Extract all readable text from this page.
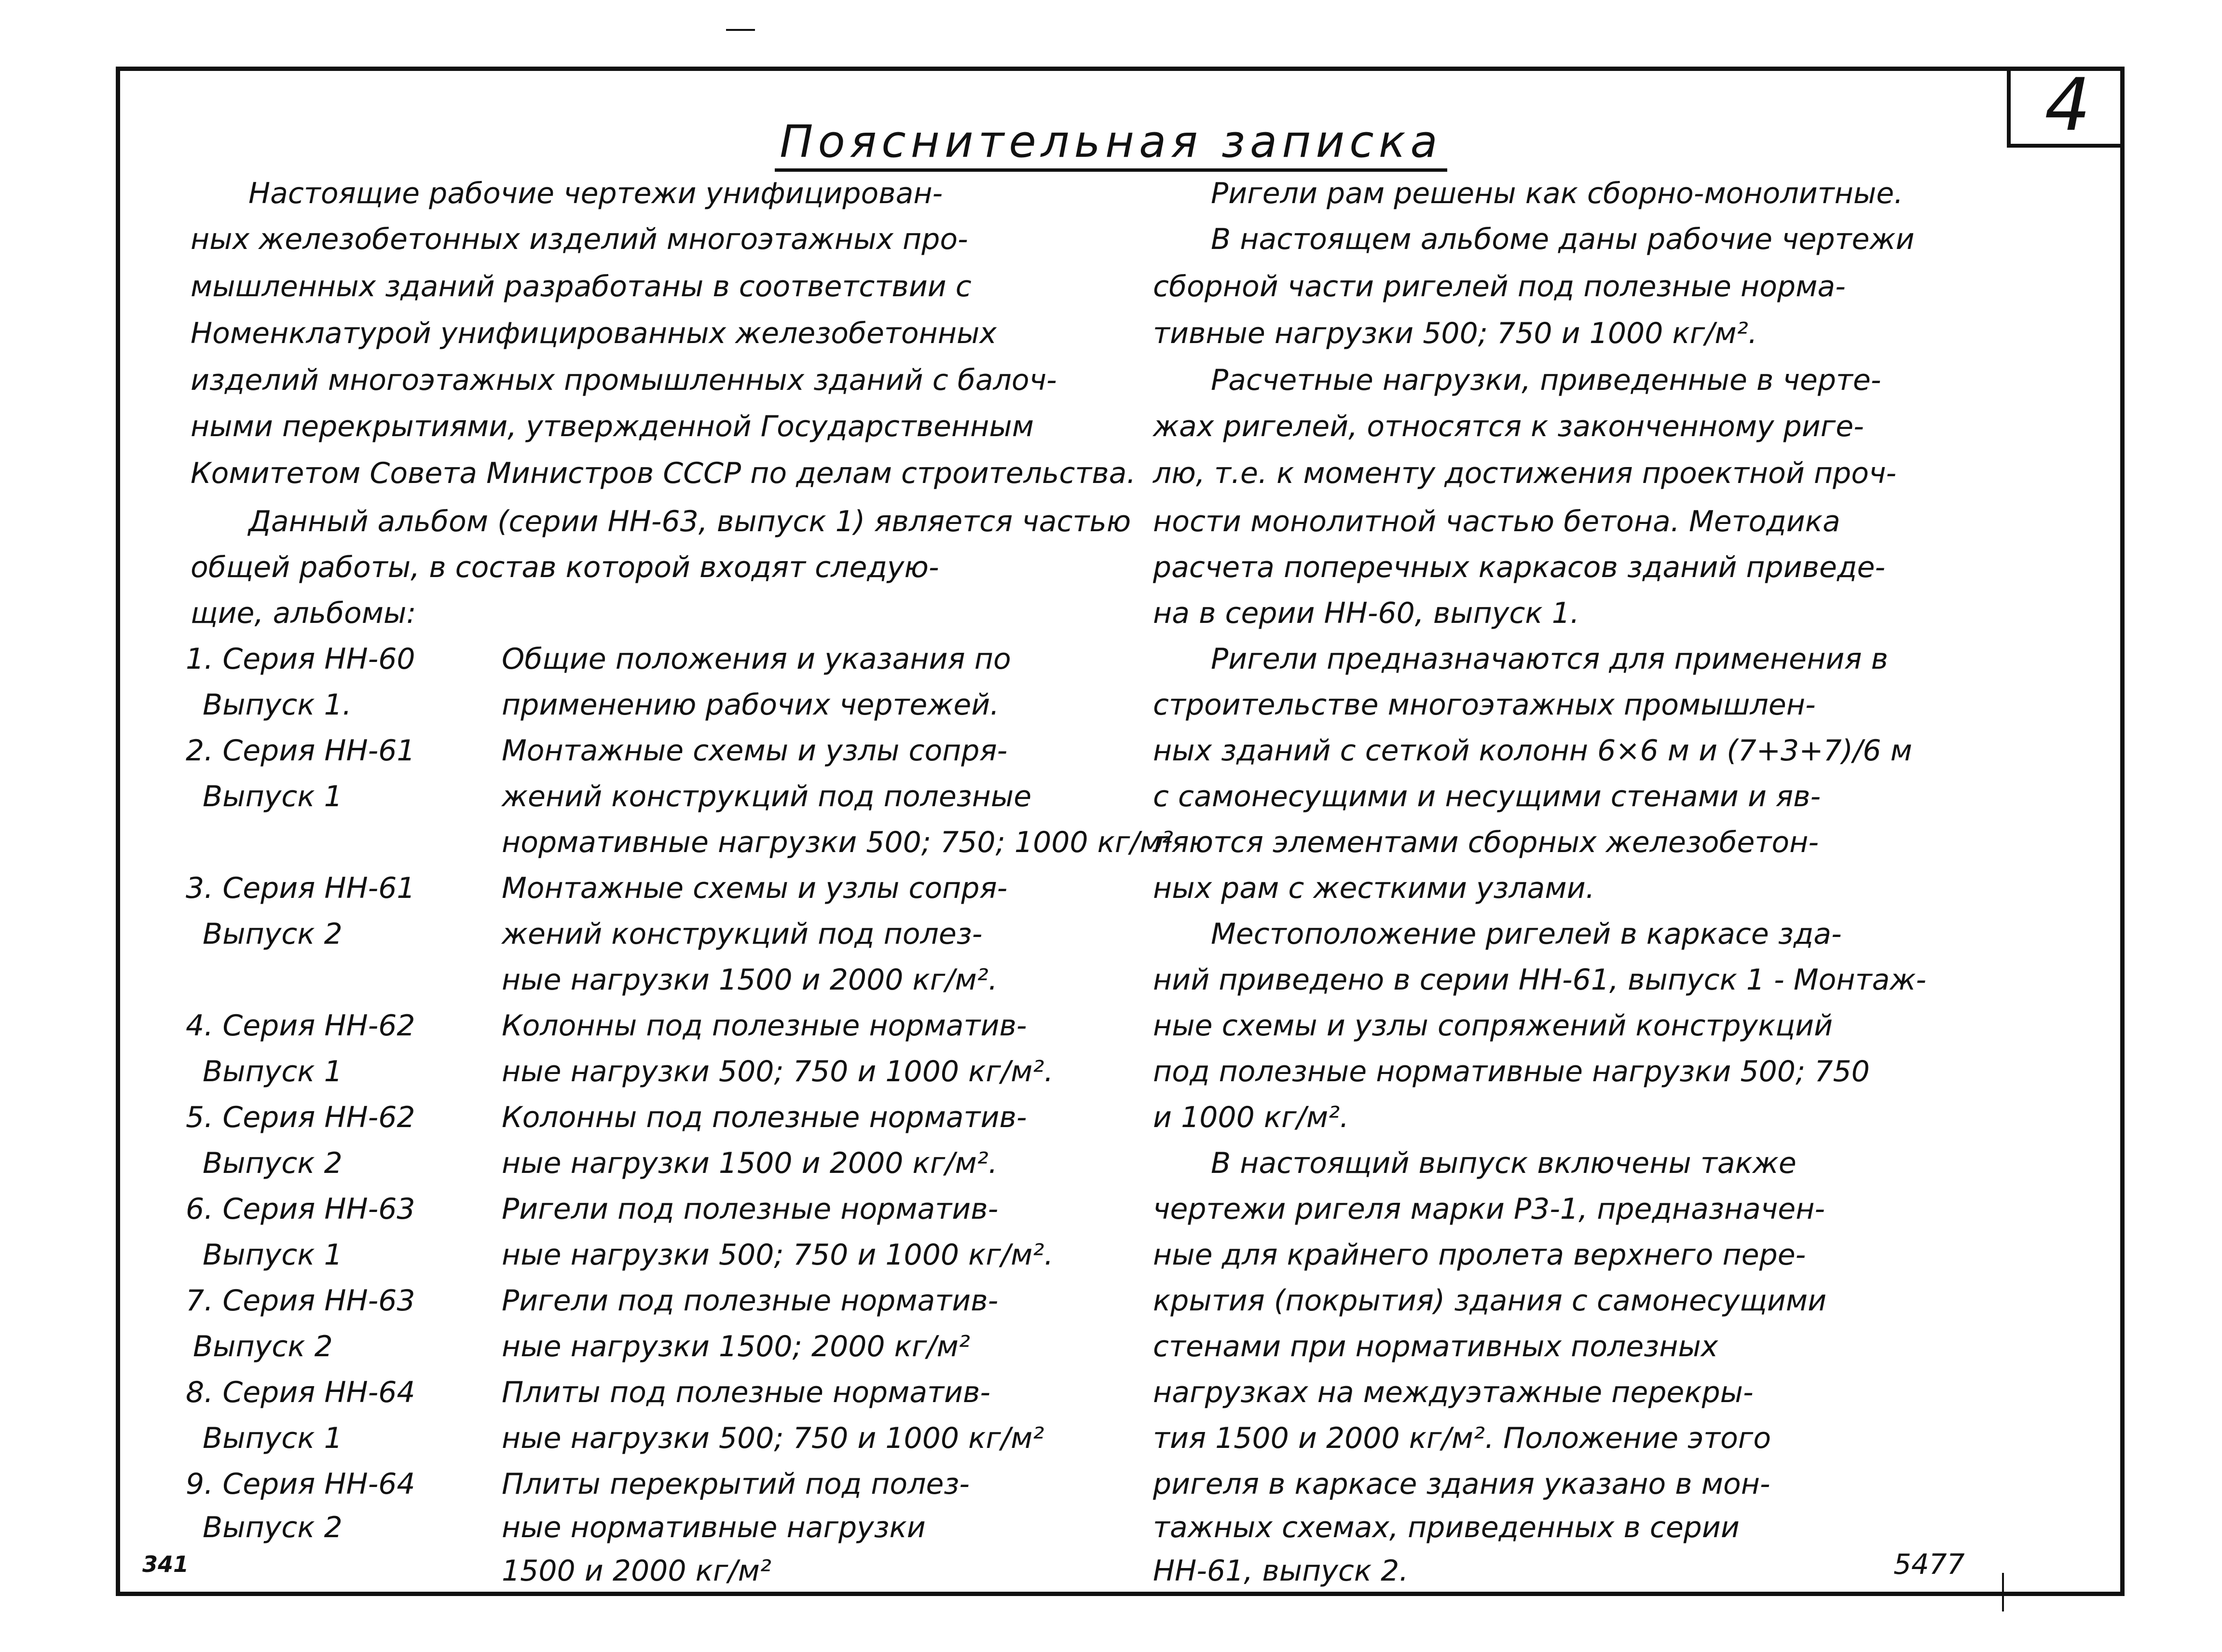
4
Пояснительная записка
Настоящие рабочие чертежи унифицирован-
ных железобетонных изделий многоэтажных про-
мышленных зданий разработаны в соответствии с
Номенклатурой унифицированных железобетонных
изделий многоэтажных промышленных зданий с балоч-
ными перекрытиями, утвержденной Государственным
Комитетом Совета Министров СССР по делам строительства.
Данный альбом (серии НН-63, выпуск 1) является частью
общей работы, в состав которой входят следую-
щие, альбомы:
1. Серия НН-60
Выпуск 1.
Общие положения и указания по
применению рабочих чертежей.
2. Серия НН-61
Выпуск 1
Монтажные схемы и узлы сопря-
жений конструкций под полезные
нормативные нагрузки 500; 750; 1000 кг/м²
3. Серия НН-61
Выпуск 2
Монтажные схемы и узлы сопря-
жений конструкций под полез-
ные нагрузки 1500 и 2000 кг/м².
4. Серия НН-62
Выпуск 1
Колонны под полезные норматив-
ные нагрузки 500; 750 и 1000 кг/м².
5. Серия НН-62
Выпуск 2
Колонны под полезные норматив-
ные нагрузки 1500 и 2000 кг/м².
6. Серия НН-63
Выпуск 1
Ригели под полезные норматив-
ные нагрузки 500; 750 и 1000 кг/м².
7. Серия НН-63
Выпуск 2
Ригели под полезные норматив-
ные нагрузки 1500; 2000 кг/м²
8. Серия НН-64
Выпуск 1
Плиты под полезные норматив-
ные нагрузки 500; 750 и 1000 кг/м²
9. Серия НН-64
Выпуск 2
Плиты перекрытий под полез-
ные нормативные нагрузки
1500 и 2000 кг/м²
Ригели рам решены как сборно-монолитные.
В настоящем альбоме даны рабочие чертежи
сборной части ригелей под полезные норма-
тивные нагрузки 500; 750 и 1000 кг/м².
Расчетные нагрузки, приведенные в черте-
жах ригелей, относятся к законченному риге-
лю, т.е. к моменту достижения проектной проч-
ности монолитной частью бетона. Методика
расчета поперечных каркасов зданий приведе-
на в серии НН-60, выпуск 1.
Ригели предназначаются для применения в
строительстве многоэтажных промышлен-
ных зданий с сеткой колонн 6×6 м и (7+3+7)/6 м
с самонесущими и несущими стенами и яв-
ляются элементами сборных железобетон-
ных рам с жесткими узлами.
Местоположение ригелей в каркасе зда-
ний приведено в серии НН-61, выпуск 1 - Монтаж-
ные схемы и узлы сопряжений конструкций
под полезные нормативные нагрузки 500; 750
и 1000 кг/м².
В настоящий выпуск включены также
чертежи ригеля марки Р3-1, предназначен-
ные для крайнего пролета верхнего пере-
крытия (покрытия) здания с самонесущими
стенами при нормативных полезных
нагрузках на междуэтажные перекры-
тия 1500 и 2000 кг/м². Положение этого
ригеля в каркасе здания указано в мон-
тажных схемах, приведенных в серии
НН-61, выпуск 2.
341	5477
